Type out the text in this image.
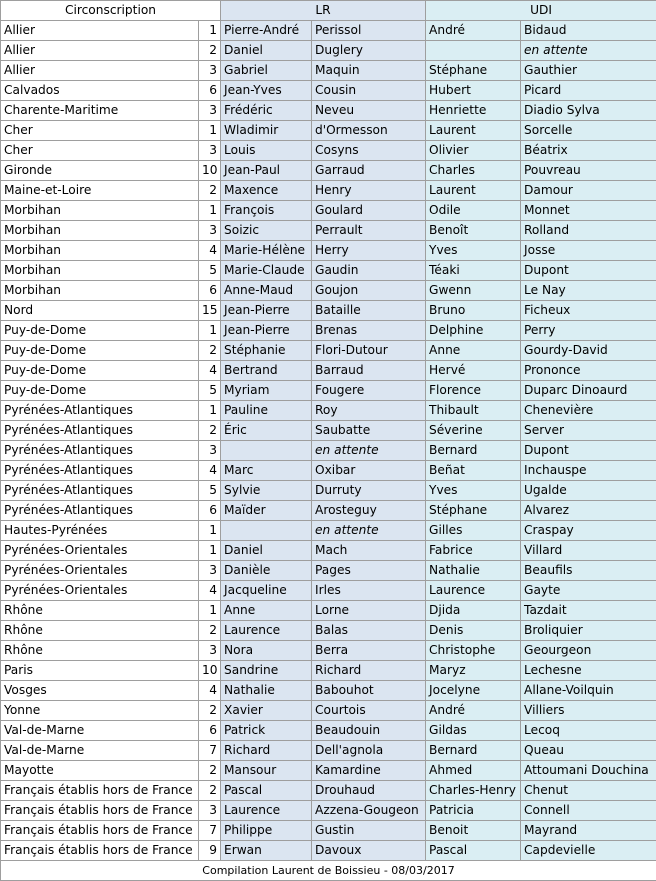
Circonscription		LR		UDI	
Allier	1	Pierre-André	Perissol	André	Bidaud
Allier	2	Daniel	Duglery		en attente
Allier	3	Gabriel	Maquin	Stéphane	Gauthier
Calvados	6	Jean-Yves	Cousin	Hubert	Picard
Charente-Maritime	3	Frédéric	Neveu	Henriette	Diadio Sylva
Cher	1	Wladimir	d'Ormesson	Laurent	Sorcelle
Cher	3	Louis	Cosyns	Olivier	Béatrix
Gironde	10	Jean-Paul	Garraud	Charles	Pouvreau
Maine-et-Loire	2	Maxence	Henry	Laurent	Damour
Morbihan	1	François	Goulard	Odile	Monnet
Morbihan	3	Soizic	Perrault	Benoît	Rolland
Morbihan	4	Marie-Hélène	Herry	Yves	Josse
Morbihan	5	Marie-Claude	Gaudin	Téaki	Dupont
Morbihan	6	Anne-Maud	Goujon	Gwenn	Le Nay
Nord	15	Jean-Pierre	Bataille	Bruno	Ficheux
Puy-de-Dome	1	Jean-Pierre	Brenas	Delphine	Perry
Puy-de-Dome	2	Stéphanie	Flori-Dutour	Anne	Gourdy-David
Puy-de-Dome	4	Bertrand	Barraud	Hervé	Prononce
Puy-de-Dome	5	Myriam	Fougere	Florence	Duparc Dinoaurd
Pyrénées-Atlantiques	1	Pauline	Roy	Thibault	Chenevière
Pyrénées-Atlantiques	2	Éric	Saubatte	Séverine	Server
Pyrénées-Atlantiques	3		en attente	Bernard	Dupont
Pyrénées-Atlantiques	4	Marc	Oxibar	Beñat	Inchauspe
Pyrénées-Atlantiques	5	Sylvie	Durruty	Yves	Ugalde
Pyrénées-Atlantiques	6	Maïder	Arosteguy	Stéphane	Alvarez
Hautes-Pyrénées	1		en attente	Gilles	Craspay
Pyrénées-Orientales	1	Daniel	Mach	Fabrice	Villard
Pyrénées-Orientales	3	Danièle	Pages	Nathalie	Beaufils
Pyrénées-Orientales	4	Jacqueline	Irles	Laurence	Gayte
Rhône	1	Anne	Lorne	Djida	Tazdait
Rhône	2	Laurence	Balas	Denis	Broliquier
Rhône	3	Nora	Berra	Christophe	Geourgeon
Paris	10	Sandrine	Richard	Maryz	Lechesne
Vosges	4	Nathalie	Babouhot	Jocelyne	Allane-Voilquin
Yonne	2	Xavier	Courtois	André	Villiers
Val-de-Marne	6	Patrick	Beaudouin	Gildas	Lecoq
Val-de-Marne	7	Richard	Dell'agnola	Bernard	Queau
Mayotte	2	Mansour	Kamardine	Ahmed	Attoumani Douchina
Français établis hors de France	2	Pascal	Drouhaud	Charles-Henry	Chenut
Français établis hors de France	3	Laurence	Azzena-Gougeon	Patricia	Connell
Français établis hors de France	7	Philippe	Gustin	Benoit	Mayrand
Français établis hors de France	9	Erwan	Davoux	Pascal	Capdevielle
Compilation Laurent de Boissieu - 08/03/2017					
